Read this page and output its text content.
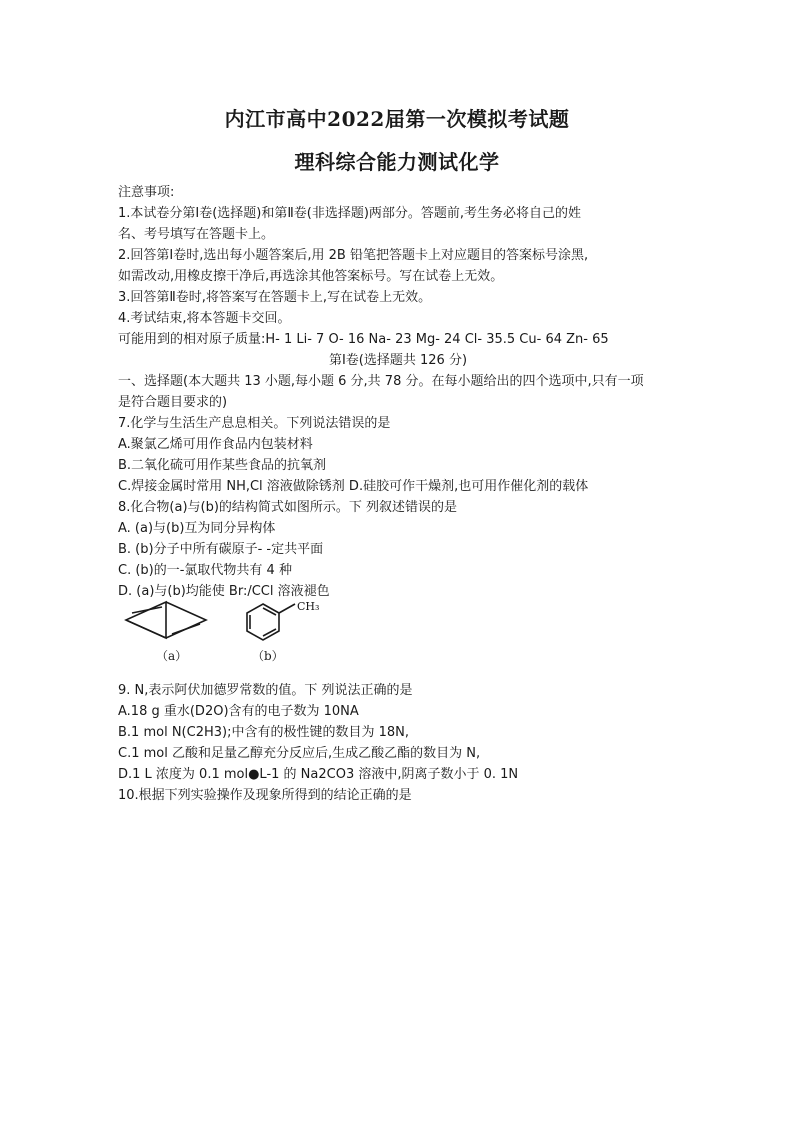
内江市高中2022届第一次模拟考试题
理科综合能力测试化学
注意事项:
1.本试卷分第Ⅰ卷(选择题)和第Ⅱ卷(非选择题)两部分。答题前,考生务必将自己的姓
名、考号填写在答题卡上。
2.回答第Ⅰ卷时,选出每小题答案后,用 2B 铅笔把答题卡上对应题目的答案标号涂黑,
如需改动,用橡皮擦干净后,再选涂其他答案标号。写在试卷上无效。
3.回答第Ⅱ卷时,将答案写在答题卡上,写在试卷上无效。
4.考试结束,将本答题卡交回。
可能用到的相对原子质量:H- 1 Li- 7 O- 16 Na- 23 Mg- 24 Cl- 35.5 Cu- 64 Zn- 65
第Ⅰ卷(选择题共 126 分)
一、选择题(本大题共 13 小题,每小题 6 分,共 78 分。在每小题给出的四个选项中,只有一项
是符合题目要求的)
7.化学与生活生产息息相关。下列说法错误的是
A.聚氯乙烯可用作食品内包装材料
B.二氧化硫可用作某些食品的抗氧剂
C.焊接金属时常用 NH,Cl 溶液做除锈剂 D.硅胶可作干燥剂,也可用作催化剂的载体
8.化合物(a)与(b)的结构简式如图所示。下 列叙述错误的是
A. (a)与(b)互为同分异构体
B. (b)分子中所有碳原子- -定共平面
C. (b)的一-氯取代物共有 4 种
D. (a)与(b)均能使 Br:/CCl 溶液褪色
（a）
CH₃
（b）
9. N,表示阿伏加德罗常数的值。下 列说法正确的是
A.18 g 重水(D2O)含有的电子数为 10NA
B.1 mol N(C2H3);中含有的极性键的数目为 18N,
C.1 mol 乙酸和足量乙醇充分反应后,生成乙酸乙酯的数目为 N,
D.1 L 浓度为 0.1 mol●L-1 的 Na2CO3 溶液中,阴离子数小于 0. 1N
10.根据下列实验操作及现象所得到的结论正确的是
